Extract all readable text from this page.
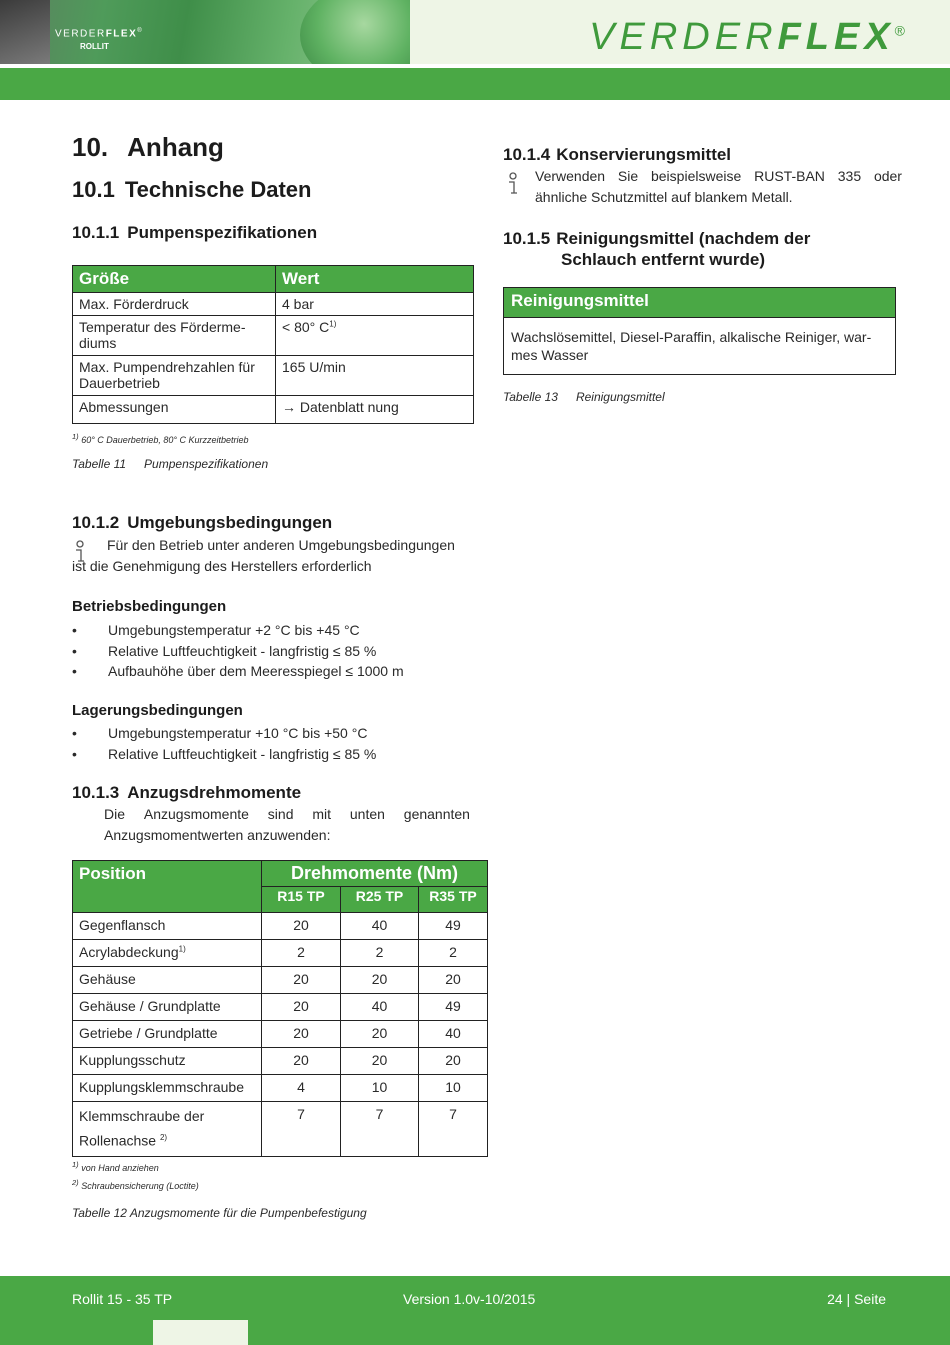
VERDERFLEX®
ROLLIT	VERDERFLEX®
10. Anhang
10.1 Technische Daten
10.1.1 Pumpenspezifikationen
Größe	Wert
Max. Förderdruck	4 bar
Temperatur des Förderme-
diums	< 80° $C^{1)}$
Max. Pumpendrehzahlen für
Dauerbetrieb	165 U/min
Abmessungen	→ Datenblatt nung
$^{1)}$ 60° C Dauerbetrieb, 80° C Kurzzeitbetrieb
Tabelle 11 Pumpenspezifikationen
10.1.2 Umgebungsbedingungen
Für den Betrieb unter anderen Umgebungsbedingungen
ist die Genehmigung des Herstellers erforderlich
Betriebsbedingungen
• Umgebungstemperatur +2 °C bis +45 °C
• Relative Luftfeuchtigkeit - langfristig ≤ 85 %
• Aufbauhöhe über dem Meeresspiegel ≤ 1000 m
Lagerungsbedingungen
• Umgebungstemperatur +10 °C bis +50 °C
• Relative Luftfeuchtigkeit - langfristig ≤ 85 %
10.1.3 Anzugsdrehmomente
Die Anzugsmomente sind mit unten genannten
Anzugsmomentwerten anzuwenden:
Position	Drehmomente (Nm)		
	R15 TP	R25 TP	R35 TP
Gegenflansch	20	40	49
Acrylabdeckung$^{1)}$	2	2	2
Gehäuse	20	20	20
Gehäuse / Grundplatte	20	40	49
Getriebe / Grundplatte	20	20	40
Kupplungsschutz	20	20	20
Kupplungsklemmschraube	4	10	10
Klemmschraube der
Rollenachse $^{2)}$	7	7	7
$^{1)}$ von Hand anziehen
$^{2)}$ Schraubensicherung (Loctite)
Tabelle 12 Anzugsmomente für die Pumpenbefestigung
10.1.4 Konservierungsmittel
Verwenden Sie beispielsweise RUST-BAN 335 oder
ähnliche Schutzmittel auf blankem Metall.
10.1.5 Reinigungsmittel (nachdem der
Schlauch entfernt wurde)
Reinigungsmittel
Wachslösemittel, Diesel-Paraffin, alkalische Reiniger, war-
mes Wasser
Tabelle 13 Reinigungsmittel
Rollit 15 - 35 TP	Version 1.0v-10/2015	24 | Seite
